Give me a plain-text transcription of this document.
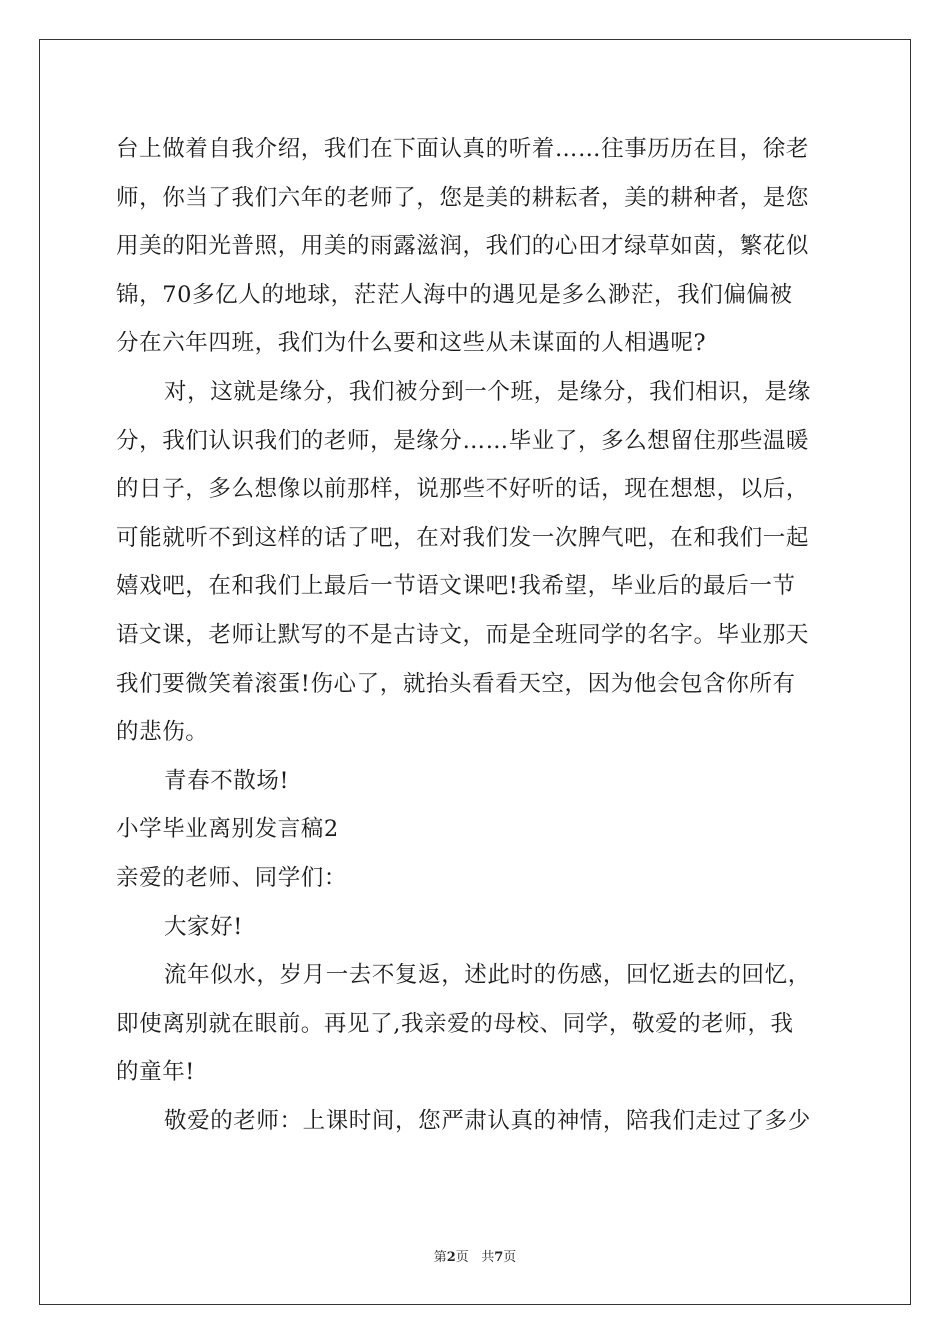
台上做着自我介绍，我们在下面认真的听着……往事历历在目，徐老
师，你当了我们六年的老师了，您是美的耕耘者，美的耕种者，是您
用美的阳光普照，用美的雨露滋润，我们的心田才绿草如茵，繁花似
锦，70多亿人的地球，茫茫人海中的遇见是多么渺茫，我们偏偏被
分在六年四班，我们为什么要和这些从未谋面的人相遇呢?
对，这就是缘分，我们被分到一个班，是缘分，我们相识，是缘
分，我们认识我们的老师，是缘分……毕业了，多么想留住那些温暖
的日子，多么想像以前那样，说那些不好听的话，现在想想，以后，
可能就听不到这样的话了吧，在对我们发一次脾气吧，在和我们一起
嬉戏吧，在和我们上最后一节语文课吧!我希望，毕业后的最后一节
语文课，老师让默写的不是古诗文，而是全班同学的名字。毕业那天
我们要微笑着滚蛋!伤心了，就抬头看看天空，因为他会包含你所有
的悲伤。
青春不散场!
小学毕业离别发言稿2
亲爱的老师、同学们：
大家好!
流年似水，岁月一去不复返，述此时的伤感，回忆逝去的回忆，
即使离别就在眼前。再见了,我亲爱的母校、同学，敬爱的老师，我
的童年!
敬爱的老师：上课时间，您严肃认真的神情，陪我们走过了多少
第2页 共7页
